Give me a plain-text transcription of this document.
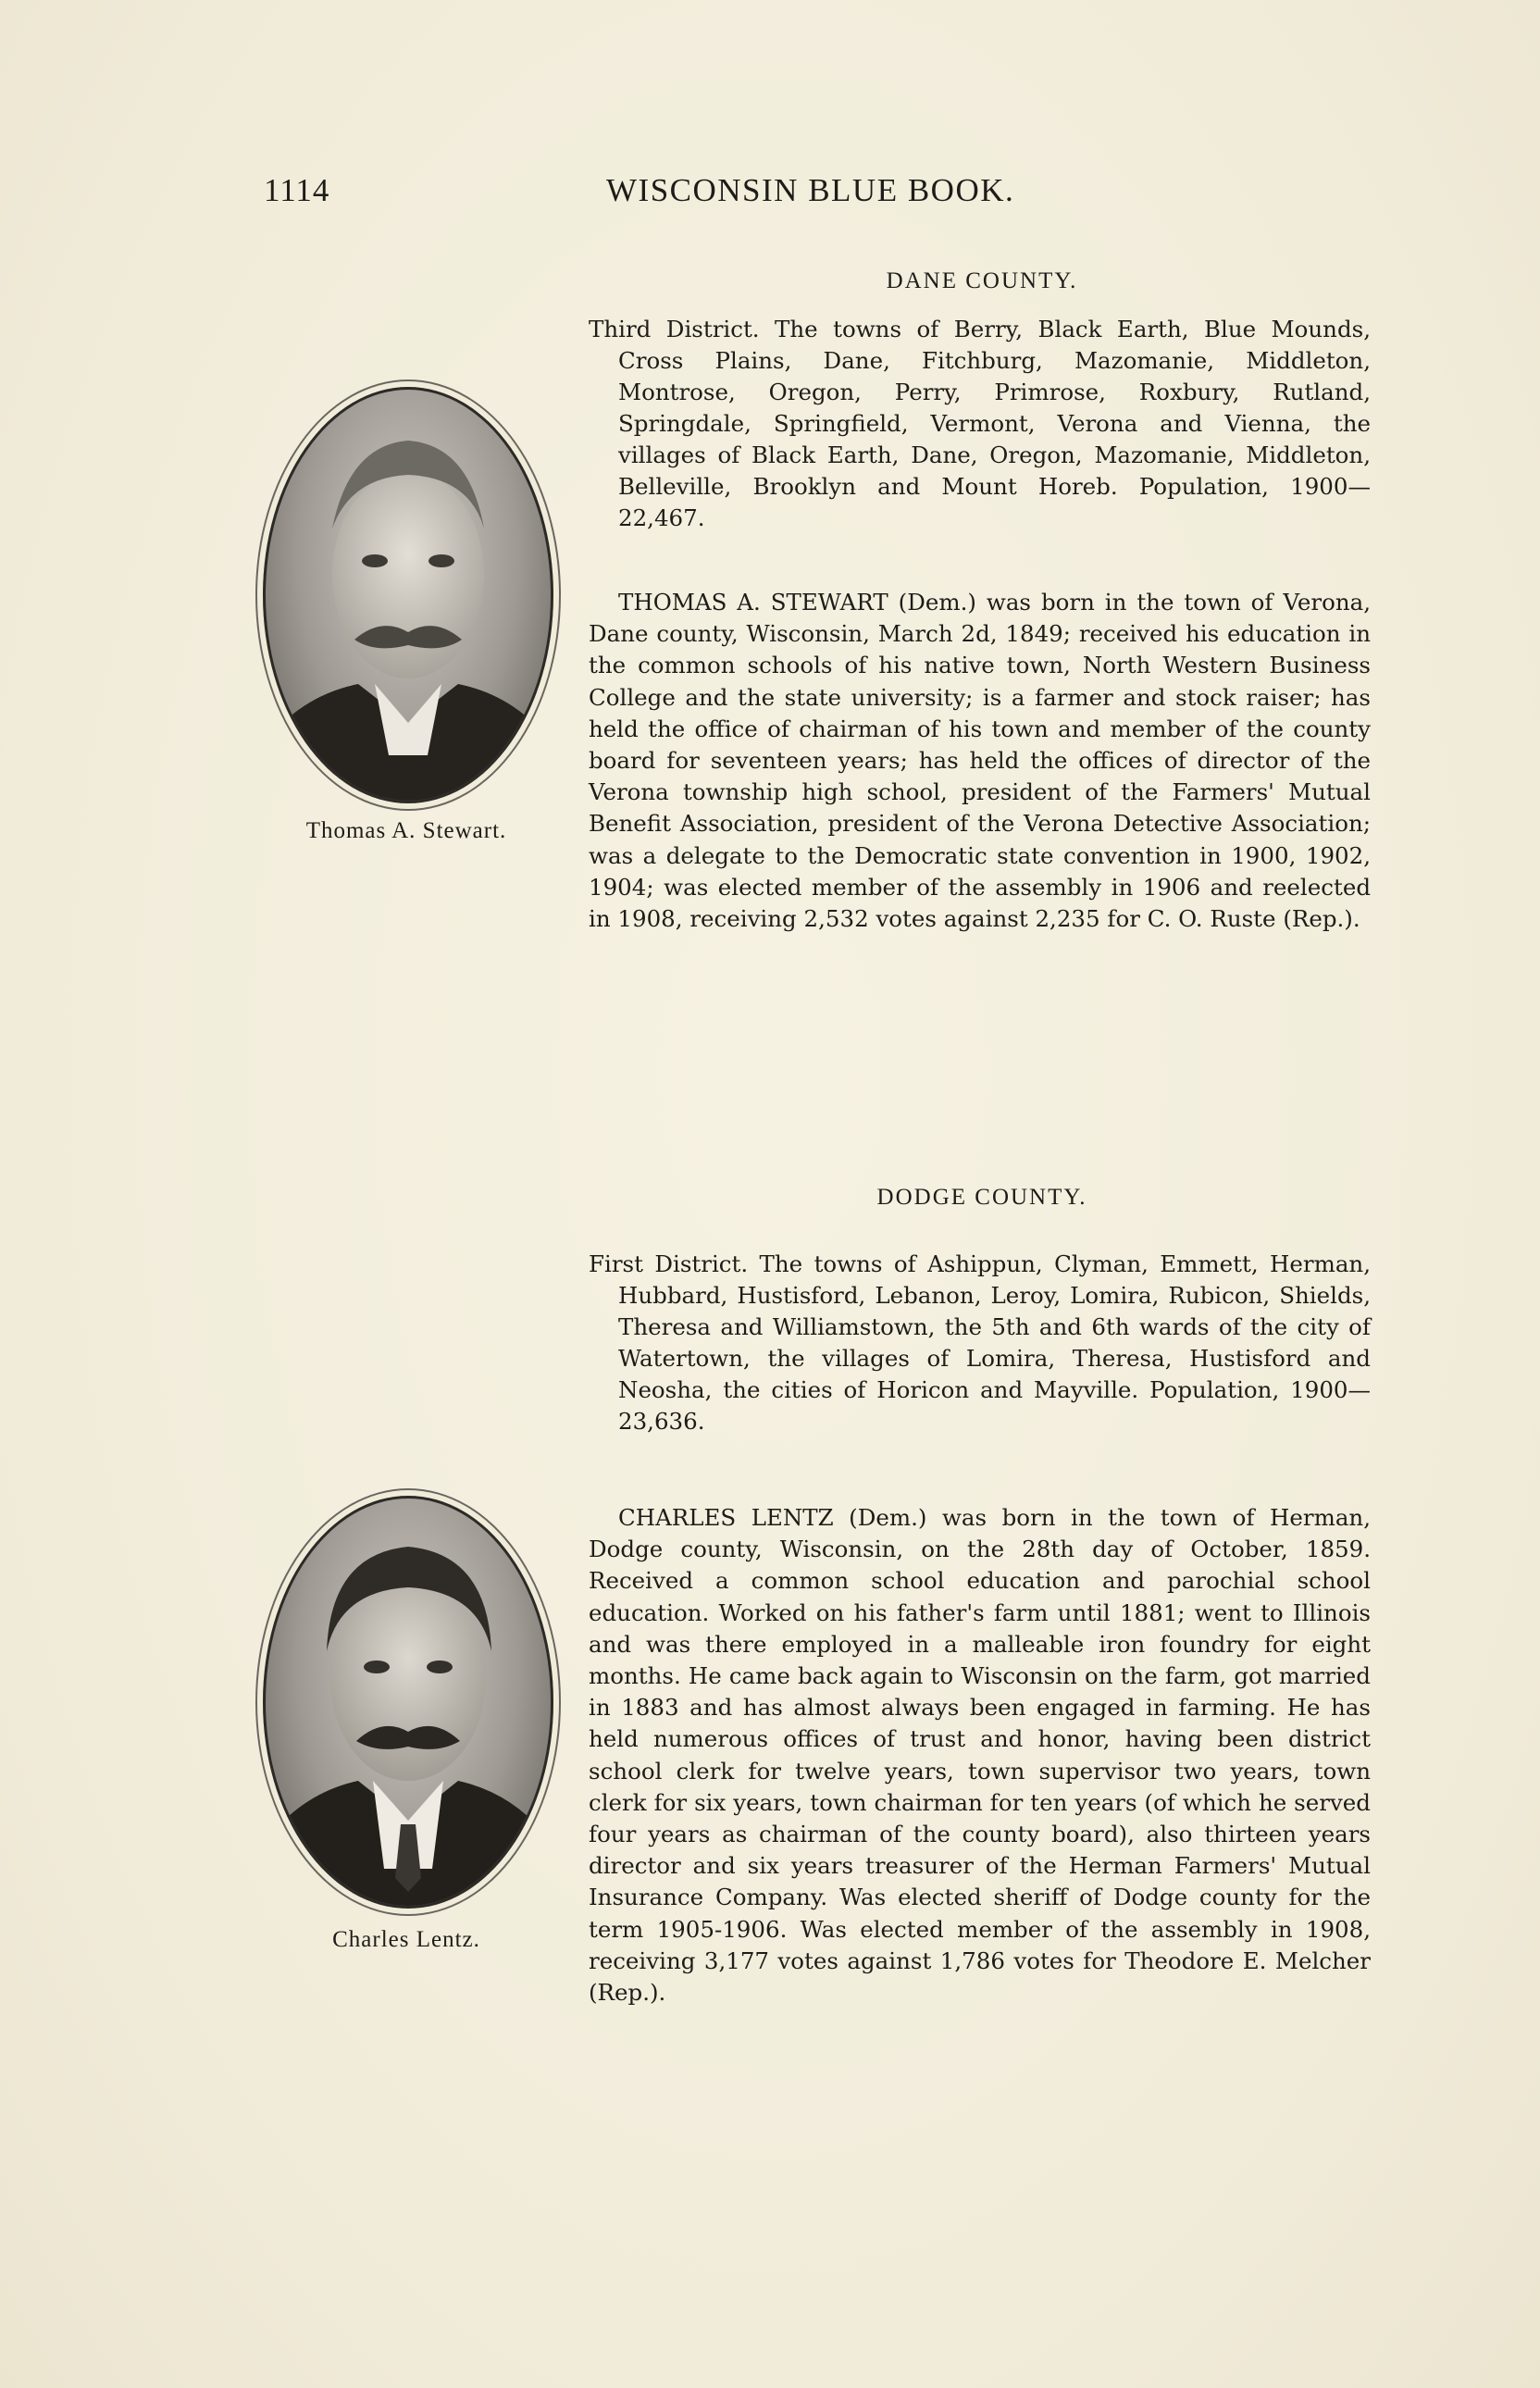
1114	WISCONSIN BLUE BOOK.
DANE COUNTY.

Third District. The towns of Berry, Black Earth, Blue Mounds, Cross Plains, Dane, Fitchburg, Mazomanie, Middleton, Montrose, Oregon, Perry, Primrose, Roxbury, Rutland, Springdale, Springfield, Vermont, Verona and Vienna, the villages of Black Earth, Dane, Oregon, Mazomanie, Middleton, Belleville, Brooklyn and Mount Horeb. Population, 1900—22,467.

Thomas A. Stewart.

THOMAS A. STEWART (Dem.) was born in the town of Verona, Dane county, Wisconsin, March 2d, 1849; received his education in the common schools of his native town, North Western Business College and the state university; is a farmer and stock raiser; has held the office of chairman of his town and member of the county board for seventeen years; has held the offices of director of the Verona township high school, president of the Farmers' Mutual Benefit Association, president of the Verona Detective Association; was a delegate to the Democratic state convention in 1900, 1902, 1904; was elected member of the assembly in 1906 and reelected in 1908, receiving 2,532 votes against 2,235 for C. O. Ruste (Rep.).

DODGE COUNTY.

First District. The towns of Ashippun, Clyman, Emmett, Herman, Hubbard, Hustisford, Lebanon, Leroy, Lomira, Rubicon, Shields, Theresa and Williamstown, the 5th and 6th wards of the city of Watertown, the villages of Lomira, Theresa, Hustisford and Neosha, the cities of Horicon and Mayville. Population, 1900—23,636.

Charles Lentz.

CHARLES LENTZ (Dem.) was born in the town of Herman, Dodge county, Wisconsin, on the 28th day of October, 1859. Received a common school education and parochial school education. Worked on his father's farm until 1881; went to Illinois and was there employed in a malleable iron foundry for eight months. He came back again to Wisconsin on the farm, got married in 1883 and has almost always been engaged in farming. He has held numerous offices of trust and honor, having been district school clerk for twelve years, town supervisor two years, town clerk for six years, town chairman for ten years (of which he served four years as chairman of the county board), also thirteen years director and six years treasurer of the Herman Farmers' Mutual Insurance Company. Was elected sheriff of Dodge county for the term 1905-1906. Was elected member of the assembly in 1908, receiving 3,177 votes against 1,786 votes for Theodore E. Melcher (Rep.).
